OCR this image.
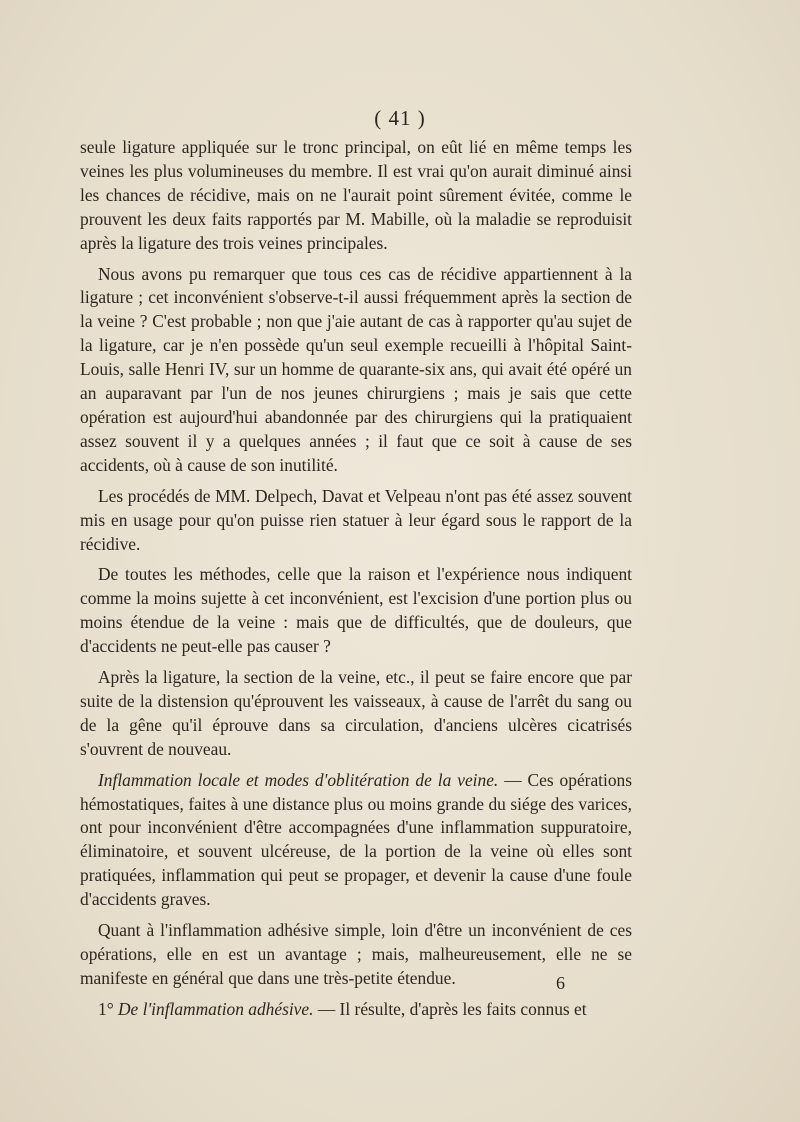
( 41 )

seule ligature appliquée sur le tronc principal, on eût lié en même temps les veines les plus volumineuses du membre. Il est vrai qu'on aurait diminué ainsi les chances de récidive, mais on ne l'aurait point sûrement évitée, comme le prouvent les deux faits rapportés par M. Mabille, où la maladie se reproduisit après la ligature des trois veines principales.

Nous avons pu remarquer que tous ces cas de récidive appartiennent à la ligature ; cet inconvénient s'observe-t-il aussi fréquemment après la section de la veine ? C'est probable ; non que j'aie autant de cas à rapporter qu'au sujet de la ligature, car je n'en possède qu'un seul exemple recueilli à l'hôpital Saint-Louis, salle Henri IV, sur un homme de quarante-six ans, qui avait été opéré un an auparavant par l'un de nos jeunes chirurgiens ; mais je sais que cette opération est aujourd'hui abandonnée par des chirurgiens qui la pratiquaient assez souvent il y a quelques années ; il faut que ce soit à cause de ses accidents, où à cause de son inutilité.

Les procédés de MM. Delpech, Davat et Velpeau n'ont pas été assez souvent mis en usage pour qu'on puisse rien statuer à leur égard sous le rapport de la récidive.

De toutes les méthodes, celle que la raison et l'expérience nous indiquent comme la moins sujette à cet inconvénient, est l'excision d'une portion plus ou moins étendue de la veine : mais que de difficultés, que de douleurs, que d'accidents ne peut-elle pas causer ?

Après la ligature, la section de la veine, etc., il peut se faire encore que par suite de la distension qu'éprouvent les vaisseaux, à cause de l'arrêt du sang ou de la gêne qu'il éprouve dans sa circulation, d'anciens ulcères cicatrisés s'ouvrent de nouveau.

Inflammation locale et modes d'oblitération de la veine. — Ces opérations hémostatiques, faites à une distance plus ou moins grande du siége des varices, ont pour inconvénient d'être accompagnées d'une inflammation suppuratoire, éliminatoire, et souvent ulcéreuse, de la portion de la veine où elles sont pratiquées, inflammation qui peut se propager, et devenir la cause d'une foule d'accidents graves.

Quant à l'inflammation adhésive simple, loin d'être un inconvénient de ces opérations, elle en est un avantage ; mais, malheureusement, elle ne se manifeste en général que dans une très-petite étendue.

1° De l'inflammation adhésive. — Il résulte, d'après les faits connus et

6
